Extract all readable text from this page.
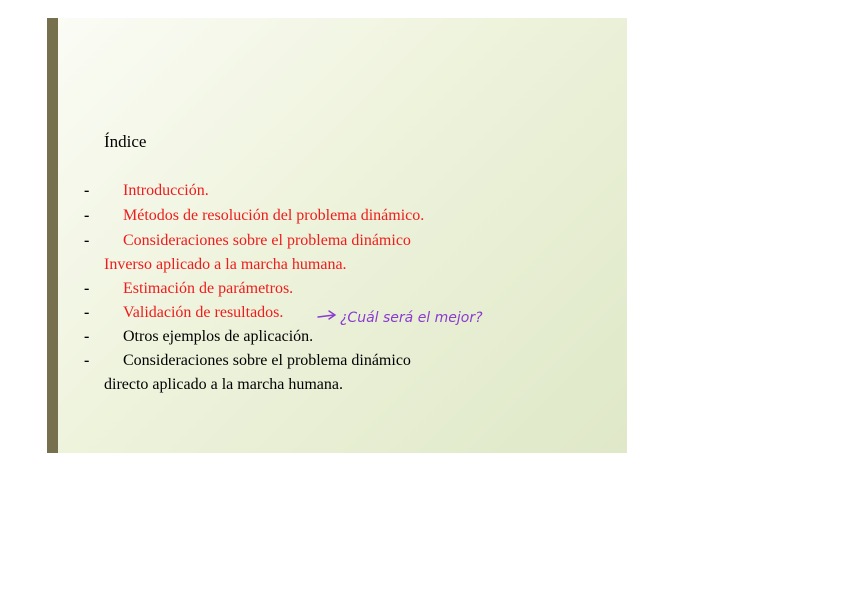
Índice
- Introducción.
- Métodos de resolución del problema dinámico.
- Consideraciones sobre el problema dinámico
Inverso aplicado a la marcha humana.
- Estimación de parámetros.
- Validación de resultados.	¿Cuál será el mejor?
- Otros ejemplos de aplicación.
- Consideraciones sobre el problema dinámico
directo aplicado a la marcha humana.
